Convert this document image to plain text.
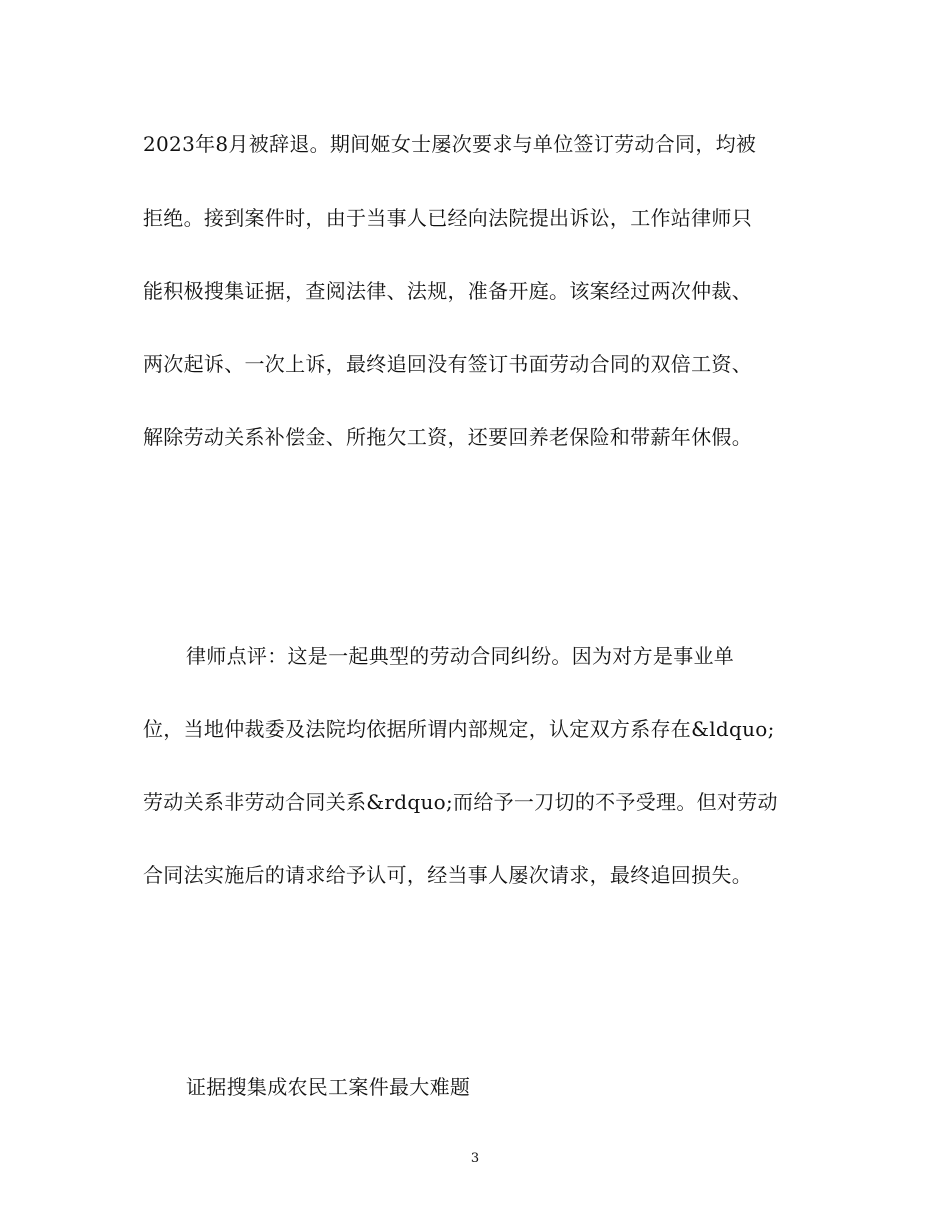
2023年8月被辞退。期间姬女士屡次要求与单位签订劳动合同，均被
拒绝。接到案件时，由于当事人已经向法院提出诉讼，工作站律师只
能积极搜集证据，查阅法律、法规，准备开庭。该案经过两次仲裁、
两次起诉、一次上诉，最终追回没有签订书面劳动合同的双倍工资、
解除劳动关系补偿金、所拖欠工资，还要回养老保险和带薪年休假。
律师点评：这是一起典型的劳动合同纠纷。因为对方是事业单
位，当地仲裁委及法院均依据所谓内部规定，认定双方系存在&ldquo;
劳动关系非劳动合同关系&rdquo;而给予一刀切的不予受理。但对劳动
合同法实施后的请求给予认可，经当事人屡次请求，最终追回损失。
证据搜集成农民工案件最大难题
3
